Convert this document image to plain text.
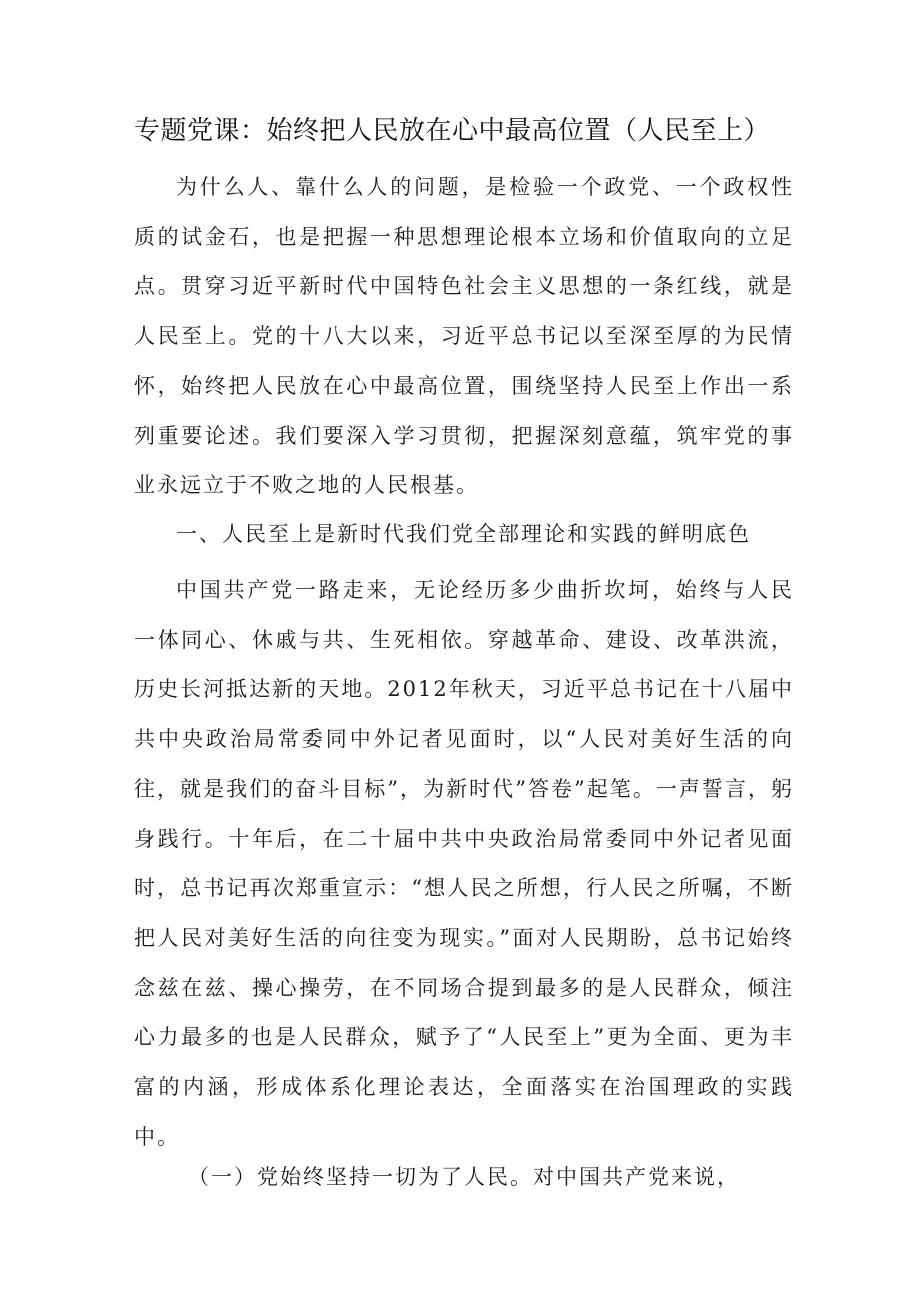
专题党课：始终把人民放在心中最高位置（人民至上）

为什么人、靠什么人的问题，是检验一个政党、一个政权性质的试金石，也是把握一种思想理论根本立场和价值取向的立足点。贯穿习近平新时代中国特色社会主义思想的一条红线，就是人民至上。党的十八大以来，习近平总书记以至深至厚的为民情怀，始终把人民放在心中最高位置，围绕坚持人民至上作出一系列重要论述。我们要深入学习贯彻，把握深刻意蕴，筑牢党的事业永远立于不败之地的人民根基。

一、人民至上是新时代我们党全部理论和实践的鲜明底色

中国共产党一路走来，无论经历多少曲折坎坷，始终与人民一体同心、休戚与共、生死相依。穿越革命、建设、改革洪流，历史长河抵达新的天地。2012年秋天，习近平总书记在十八届中共中央政治局常委同中外记者见面时，以“人民对美好生活的向往，就是我们的奋斗目标”，为新时代”答卷”起笔。一声誓言，躬身践行。十年后，在二十届中共中央政治局常委同中外记者见面时，总书记再次郑重宣示：“想人民之所想，行人民之所嘱，不断把人民对美好生活的向往变为现实。”面对人民期盼，总书记始终念兹在兹、操心操劳，在不同场合提到最多的是人民群众，倾注心力最多的也是人民群众，赋予了“人民至上”更为全面、更为丰富的内涵，形成体系化理论表达，全面落实在治国理政的实践中。

（一）党始终坚持一切为了人民。对中国共产党来说，
